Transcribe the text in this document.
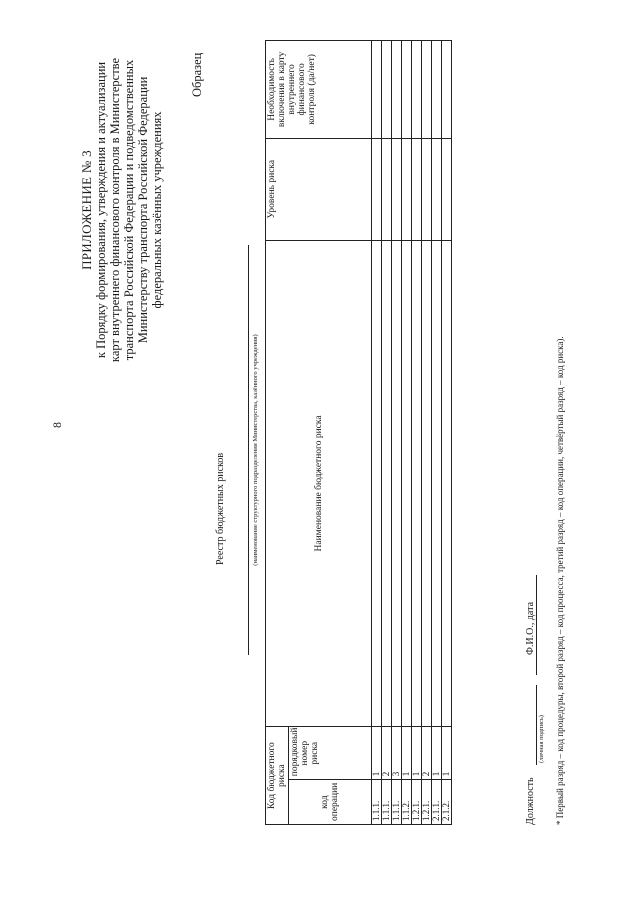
8
ПРИЛОЖЕНИЕ № 3 к Порядку формирования, утверждения и актуализации карт внутреннего финансового контроля в Министерстве транспорта Российской Федерации и подведомственных Министерству транспорта Российской Федерации федеральных казённых учреждениях
Образец
Реестр бюджетных рисков	(наименование структурного подразделения Министерства, казённого учреждения)
Код бюджетного риска		Наименование бюджетного риска	Уровень риска	Необходимость включения в карту внутреннего финансового контроля (да/нет)
код операции	порядковый номер риска			
1.1.1.	1			
1.1.1.	2			
1.1.1.	3			
1.1.2.	1			
1.2.1.	1			
1.2.1.	2			
2.1.1.	1			
2.1.2.	1			
Должность
(личная подпись)
Ф.И.О., дата * Первый разряд – код процедуры, второй разряд – код процесса, третий разряд – код операции, четвёртый разряд – код риска).
